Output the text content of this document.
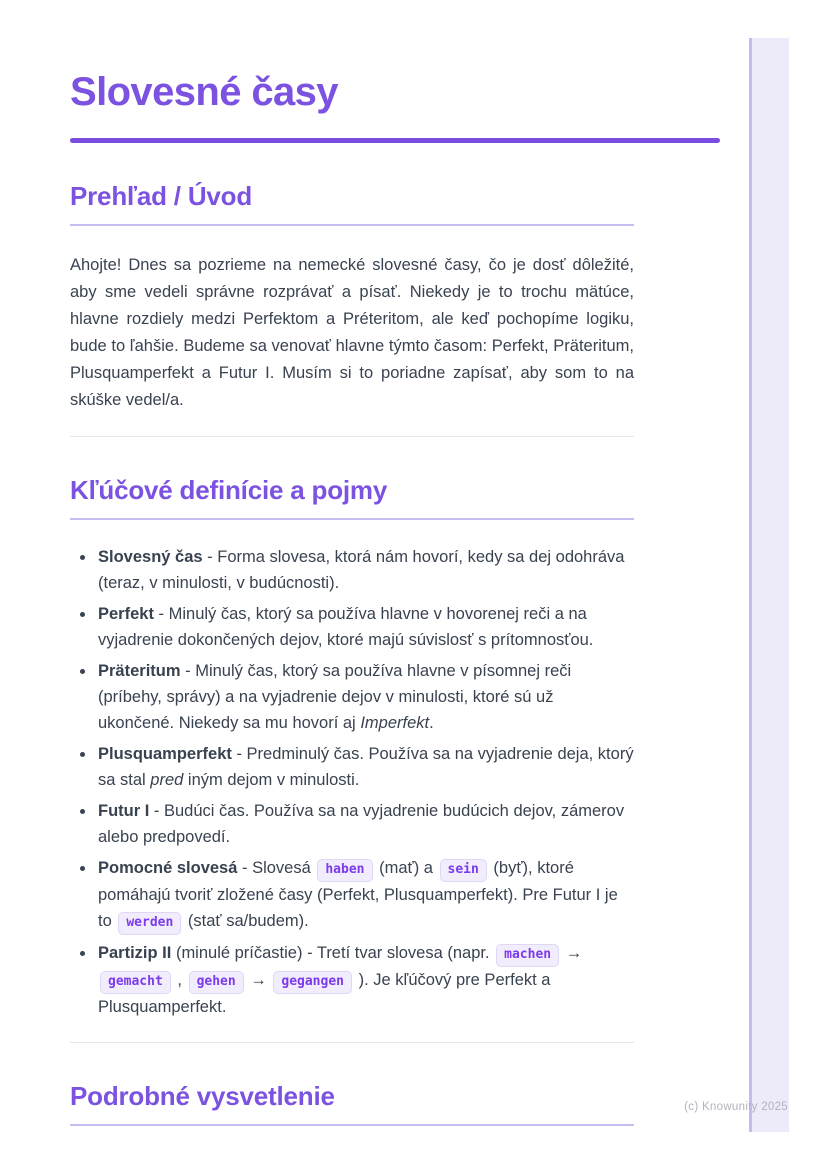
Slovesné časy
Prehľad / Úvod

Ahojte! Dnes sa pozrieme na nemecké slovesné časy, čo je dosť dôležité, aby sme vedeli správne rozprávať a písať. Niekedy je to trochu mätúce, hlavne rozdiely medzi Perfektom a Préteritom, ale keď pochopíme logiku, bude to ľahšie. Budeme sa venovať hlavne týmto časom: Perfekt, Präteritum, Plusquamperfekt a Futur I. Musím si to poriadne zapísať, aby som to na skúške vedel/a.

Kľúčové definície a pojmy
• Slovesný čas - Forma slovesa, ktorá nám hovorí, kedy sa dej odohráva (teraz, v minulosti, v budúcnosti).
• Perfekt - Minulý čas, ktorý sa používa hlavne v hovorenej reči a na vyjadrenie dokončených dejov, ktoré majú súvislosť s prítomnosťou.
• Präteritum - Minulý čas, ktorý sa používa hlavne v písomnej reči (príbehy, správy) a na vyjadrenie dejov v minulosti, ktoré sú už ukončené. Niekedy sa mu hovorí aj Imperfekt.
• Plusquamperfekt - Predminulý čas. Používa sa na vyjadrenie deja, ktorý sa stal pred iným dejom v minulosti.
• Futur I - Budúci čas. Používa sa na vyjadrenie budúcich dejov, zámerov alebo predpovedí.
• Pomocné slovesá - Slovesá haben (mať) a sein (byť), ktoré pomáhajú tvoriť zložené časy (Perfekt, Plusquamperfekt). Pre Futur I je to werden (stať sa/budem).
• Partizip II (minulé príčastie) - Tretí tvar slovesa (napr. machen → gemacht , gehen → gegangen ). Je kľúčový pre Perfekt a Plusquamperfekt.
Podrobné vysvetlenie	(c) Knowunity 2025
